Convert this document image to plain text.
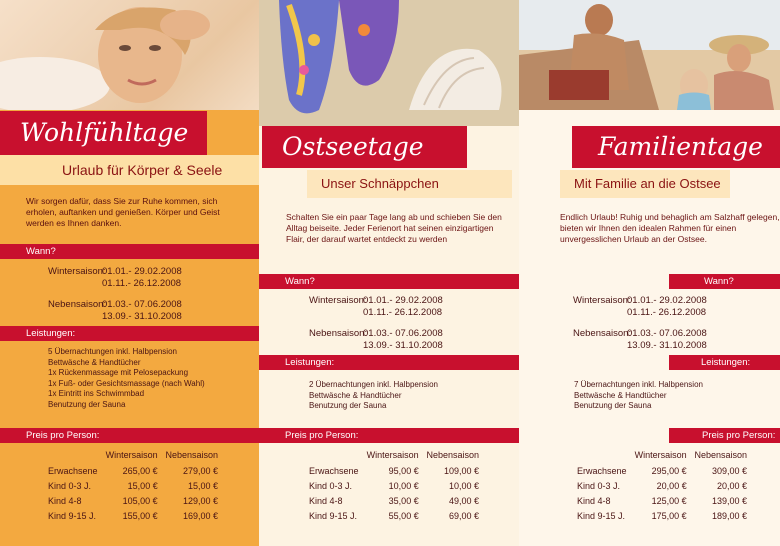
Wohlfühltage
Urlaub für Körper & Seele
Wir sorgen dafür, dass Sie zur Ruhe kommen, sich erholen, auftanken und genießen. Körper und Geist werden es Ihnen danken.
Wann?
Wintersaison:
01.01.- 29.02.2008
01.11.- 26.12.2008
Nebensaison:
01.03.- 07.06.2008
13.09.- 31.10.2008
Leistungen:
5 Übernachtungen inkl. Halbpension
Bettwäsche & Handtücher
1x Rückenmassage mit Pelosepackung
1x Fuß- oder Gesichtsmassage (nach Wahl)
1x Eintritt ins Schwimmbad
Benutzung der Sauna
Preis pro Person:
	Wintersaison	Nebensaison
Erwachsene	265,00 €	279,00 €
Kind 0-3 J.	15,00 €	15,00 €
Kind 4-8	105,00 €	129,00 €
Kind 9-15 J.	155,00 €	169,00 €
Ostseetage
Unser Schnäppchen
Schalten Sie ein paar Tage lang ab und schieben Sie den Alltag beiseite. Jeder Ferienort hat seinen einzigartigen Flair, der darauf wartet entdeckt zu werden
Wann?
Wintersaison:
01.01.- 29.02.2008
01.11.- 26.12.2008
Nebensaison:
01.03.- 07.06.2008
13.09.- 31.10.2008
Leistungen:
2 Übernachtungen inkl. Halbpension
Bettwäsche & Handtücher
Benutzung der Sauna
Preis pro Person:
	Wintersaison	Nebensaison
Erwachsene	95,00 €	109,00 €
Kind 0-3 J.	10,00 €	10,00 €
Kind 4-8	35,00 €	49,00 €
Kind 9-15 J.	55,00 €	69,00 €
Familientage
Mit Familie an die Ostsee
Endlich Urlaub! Ruhig und behaglich am Salzhaff gelegen, bieten wir Ihnen den idealen Rahmen für einen unvergesslichen Urlaub an der Ostsee.
Wann?
Wintersaison:
01.01.- 29.02.2008
01.11.- 26.12.2008
Nebensaison:
01.03.- 07.06.2008
13.09.- 31.10.2008
Leistungen:
7 Übernachtungen inkl. Halbpension
Bettwäsche & Handtücher
Benutzung der Sauna
Preis pro Person:
	Wintersaison	Nebensaison
Erwachsene	295,00 €	309,00 €
Kind 0-3 J.	20,00 €	20,00 €
Kind 4-8	125,00 €	139,00 €
Kind 9-15 J.	175,00 €	189,00 €
